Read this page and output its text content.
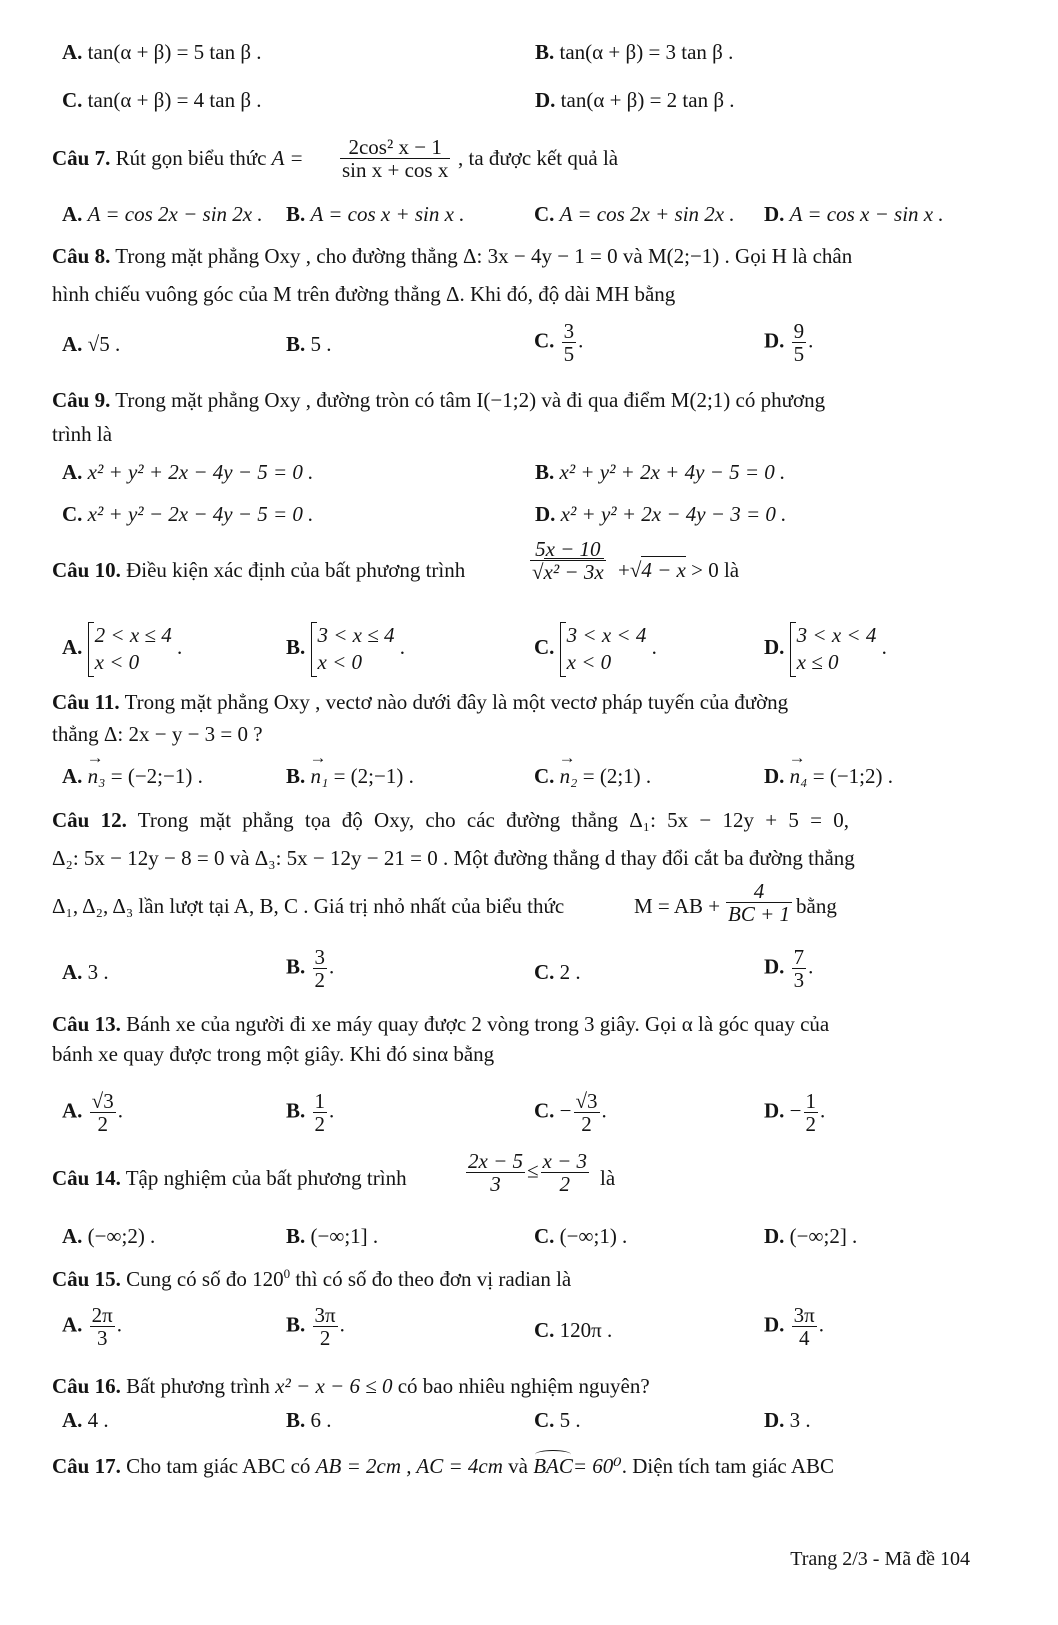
A. tan(α + β) = 5 tan β .	B. tan(α + β) = 3 tan β .
C. tan(α + β) = 4 tan β .	D. tan(α + β) = 2 tan β .
Câu 7. Rút gọn biểu thức $A = \frac{\text{2cos² x − 1}}{\text{sin x + cos x}}$ , ta được kết quả là
A. A = cos 2x − sin 2x . B. A = cos x + sin x .	C. A = cos 2x + sin 2x . D. A = cos x − sin x .
Câu 8. Trong mặt phẳng Oxy , cho đường thẳng Δ: 3x − 4y − 1 = 0 và M(2;−1) . Gọi H là chân
hình chiếu vuông góc của M trên đường thẳng Δ. Khi đó, độ dài MH bằng
A. √5 .	B. 5 .	C. $\frac{3}{5}$ .	D. $\frac{9}{5}$ .
Câu 9. Trong mặt phẳng Oxy , đường tròn có tâm I(−1;2) và đi qua điểm M(2;1) có phương
trình là
A. x² + y² + 2x − 4y − 5 = 0 .	B. x² + y² + 2x + 4y − 5 = 0 .
C. x² + y² − 2x − 4y − 5 = 0 .	D. x² + y² + 2x − 4y − 3 = 0 .
Câu 10. Điều kiện xác định của bất phương trình	$\frac{5x - 10}{\text{√x² − 3x}} +√4 - x > 0$ là
A. 2 < x ≤ 4
x < 0 .	B. 3 < x ≤ 4
x < 0 .	C. 3 < x < 4
x < 0 .	D. 3 < x < 4
x ≤ 0 .
Câu 11. Trong mặt phẳng Oxy , vectơ nào dưới đây là một vectơ pháp tuyến của đường
thẳng Δ: 2x − y − 3 = 0 ?
A. → n₃ = (−2;−1) .	B. → n₁ = (2;−1) .	C. → n₂ = (2;1) .	D. → n₄ = (−1;2) .
Câu 12. Trong mặt phẳng tọa độ Oxy, cho các đường thẳng Δ₁: 5x − 12y + 5 = 0,
Δ₂: 5x − 12y − 8 = 0 và Δ₃: 5x − 12y − 21 = 0 . Một đường thẳng d thay đổi cắt ba đường thẳng
Δ₁, Δ₂, Δ₃ lần lượt tại A, B, C . Giá trị nhỏ nhất của biểu thức	M = AB + $\frac{4}{BC + 1}$ bằng
A. 3 .	B. $\frac{3}{2}$ .	C. 2 .	D. $\frac{7}{3}$ .
Câu 13. Bánh xe của người đi xe máy quay được 2 vòng trong 3 giây. Gọi α là góc quay của
bánh xe quay được trong một giây. Khi đó sinα bằng
A. $\frac{√3}{2}$ .	B. $\frac{1}{2}$ .	C. − $\frac{√3}{2}$ .	D. − $\frac{1}{2}$ .
Câu 14. Tập nghiệm của bất phương trình	$\frac{2x - 5}{3} \le \frac{x - 3}{2}$ là
A. (−∞;2) .	B. (−∞;1] .	C. (−∞;1) .	D. (−∞;2] .
Câu 15. Cung có số đo $120^0$ thì có số đo theo đơn vị radian là
A. $\frac{2\pi}{3}$ .	B. $\frac{3\pi}{2}$ .	C. 120π .	D. $\frac{3\pi}{4}$ .
Câu 16. Bất phương trình x² − x − 6 ≤ 0 có bao nhiêu nghiệm nguyên?
A. 4 .	B. 6 .	C. 5 .	D. 3 .
Câu 17. Cho tam giác ABC có AB = 2cm , AC = 4cm và BAC= 60⁰. Diện tích tam giác ABC
Trang 2/3 - Mã đề 104
